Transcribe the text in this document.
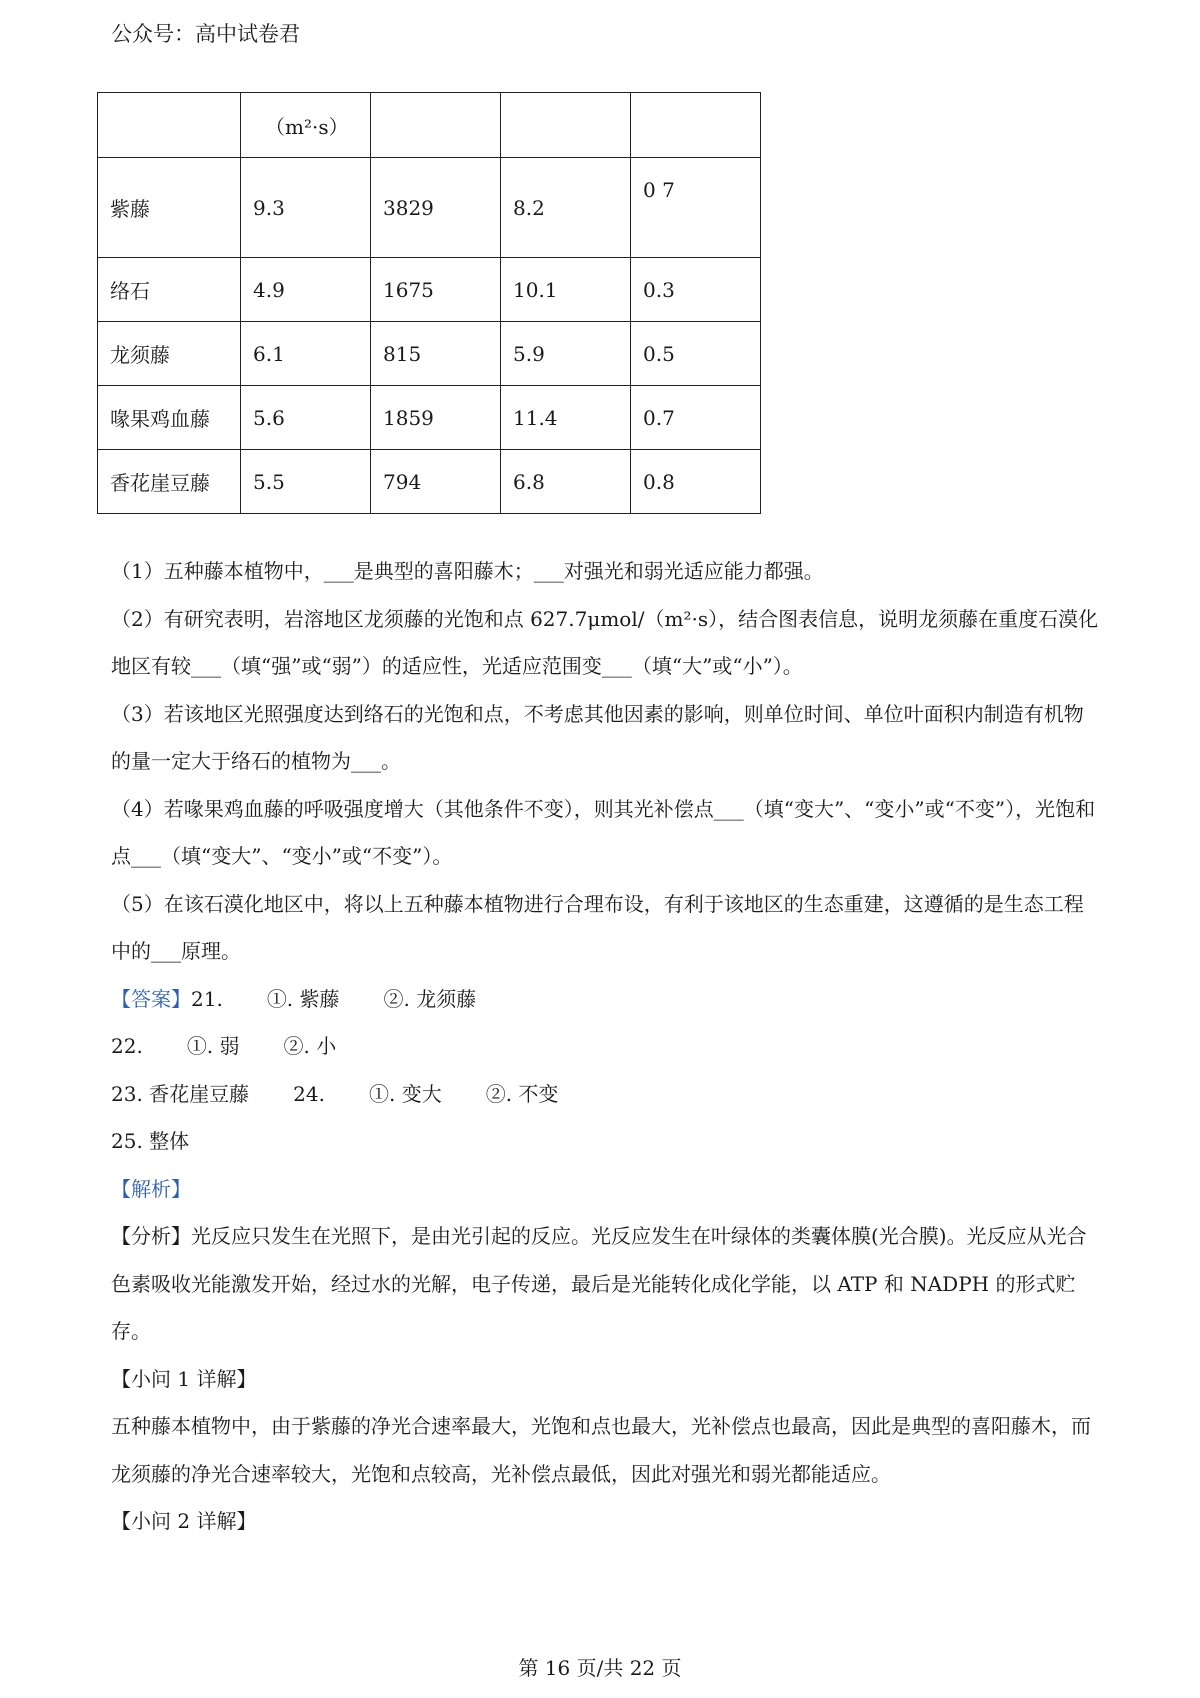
公众号：高中试卷君
	（m²·s）			
紫藤	9.3	3829	8.2	0 7
络石	4.9	1675	10.1	0.3
龙须藤	6.1	815	5.9	0.5
喙果鸡血藤	5.6	1859	11.4	0.7
香花崖豆藤	5.5	794	6.8	0.8

（1）五种藤本植物中，___是典型的喜阳藤木；___对强光和弱光适应能力都强。

（2）有研究表明，岩溶地区龙须藤的光饱和点 627.7μmol/（m²·s），结合图表信息，说明龙须藤在重度石漠化地区有较___（填“强”或“弱”）的适应性，光适应范围变___（填“大”或“小”）。

（3）若该地区光照强度达到络石的光饱和点，不考虑其他因素的影响，则单位时间、单位叶面积内制造有机物的量一定大于络石的植物为___。

（4）若喙果鸡血藤的呼吸强度增大（其他条件不变），则其光补偿点___（填“变大”、“变小”或“不变”），光饱和点___（填“变大”、“变小”或“不变”）。

（5）在该石漠化地区中，将以上五种藤本植物进行合理布设，有利于该地区的生态重建，这遵循的是生态工程中的___原理。

【答案】21. ①. 紫藤 ②. 龙须藤

22. ①. 弱 ②. 小

23. 香花崖豆藤 24. ①. 变大 ②. 不变

25. 整体

【解析】

【分析】光反应只发生在光照下，是由光引起的反应。光反应发生在叶绿体的类囊体膜(光合膜)。光反应从光合色素吸收光能激发开始，经过水的光解，电子传递，最后是光能转化成化学能，以 ATP 和 NADPH 的形式贮存。

【小问 1 详解】

五种藤本植物中，由于紫藤的净光合速率最大，光饱和点也最大，光补偿点也最高，因此是典型的喜阳藤木，而龙须藤的净光合速率较大，光饱和点较高，光补偿点最低，因此对强光和弱光都能适应。

【小问 2 详解】

第 16 页/共 22 页
